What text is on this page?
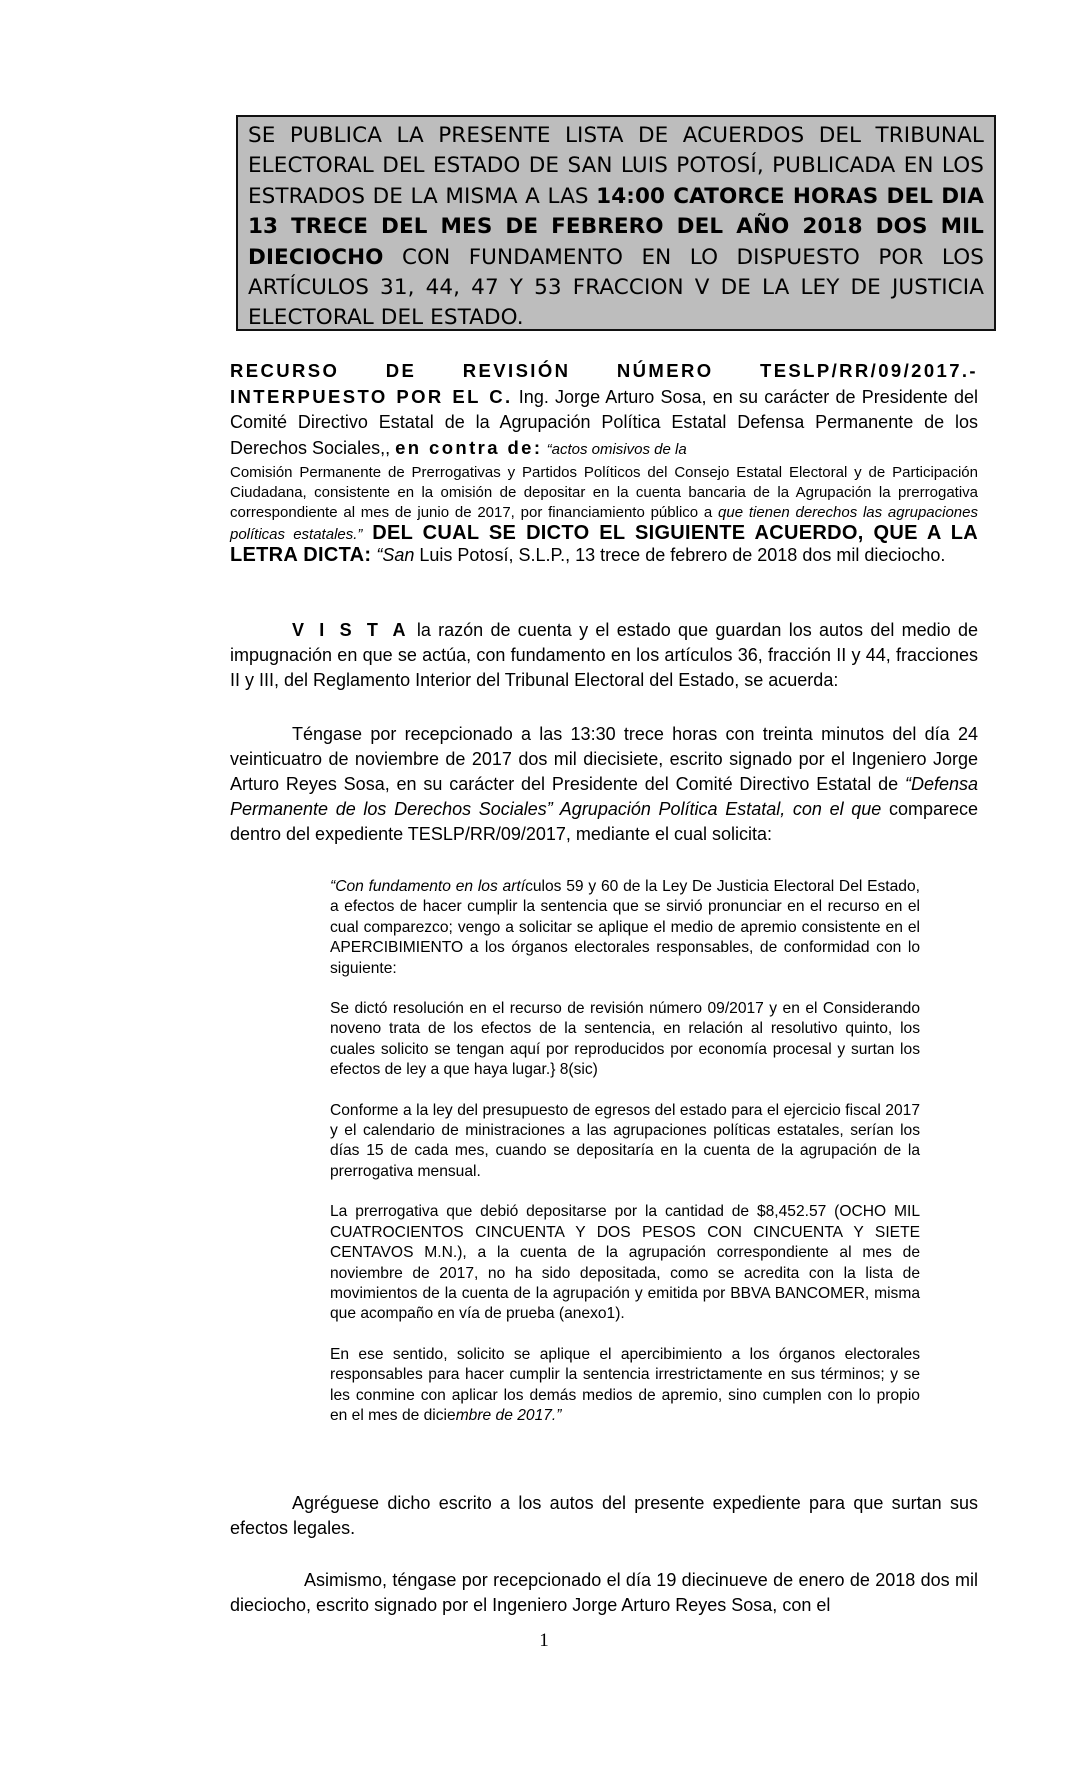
SE PUBLICA LA PRESENTE LISTA DE ACUERDOS DEL TRIBUNAL ELECTORAL DEL ESTADO DE SAN LUIS POTOSÍ, PUBLICADA EN LOS ESTRADOS DE LA MISMA A LAS 14:00 CATORCE HORAS DEL DIA 13 TRECE DEL MES DE FEBRERO DEL AÑO 2018 DOS MIL DIECIOCHO CON FUNDAMENTO EN LO DISPUESTO POR LOS ARTÍCULOS 31, 44, 47 Y 53 FRACCION V DE LA LEY DE JUSTICIA ELECTORAL DEL ESTADO.

RECURSO DE REVISIÓN NÚMERO TESLP/RR/09/2017.- INTERPUESTO POR EL C. Ing. Jorge Arturo Sosa, en su carácter de Presidente del Comité Directivo Estatal de la Agrupación Política Estatal Defensa Permanente de los Derechos Sociales,, en contra de: “actos omisivos de la

Comisión Permanente de Prerrogativas y Partidos Políticos del Consejo Estatal Electoral y de Participación Ciudadana, consistente en la omisión de depositar en la cuenta bancaria de la Agrupación la prerrogativa correspondiente al mes de junio de 2017, por financiamiento público a que tienen derechos las agrupaciones políticas estatales.” DEL CUAL SE DICTO EL SIGUIENTE ACUERDO, QUE A LA LETRA DICTA: “San Luis Potosí, S.L.P., 13 trece de febrero de 2018 dos mil dieciocho.

V I S T A la razón de cuenta y el estado que guardan los autos del medio de impugnación en que se actúa, con fundamento en los artículos 36, fracción II y 44, fracciones II y III, del Reglamento Interior del Tribunal Electoral del Estado, se acuerda:
Téngase por recepcionado a las 13:30 trece horas con treinta minutos del día 24 veinticuatro de noviembre de 2017 dos mil diecisiete, escrito signado por el Ingeniero Jorge Arturo Reyes Sosa, en su carácter del Presidente del Comité Directivo Estatal de “Defensa Permanente de los Derechos Sociales” Agrupación Política Estatal, con el que comparece dentro del expediente TESLP/RR/09/2017, mediante el cual solicita:

“Con fundamento en los artículos 59 y 60 de la Ley De Justicia Electoral Del Estado, a efectos de hacer cumplir la sentencia que se sirvió pronunciar en el recurso en el cual comparezco; vengo a solicitar se aplique el medio de apremio consistente en el APERCIBIMIENTO a los órganos electorales responsables, de conformidad con lo siguiente:

Se dictó resolución en el recurso de revisión número 09/2017 y en el Considerando noveno trata de los efectos de la sentencia, en relación al resolutivo quinto, los cuales solicito se tengan aquí por reproducidos por economía procesal y surtan los efectos de ley a que haya lugar.} 8(sic)

Conforme a la ley del presupuesto de egresos del estado para el ejercicio fiscal 2017 y el calendario de ministraciones a las agrupaciones políticas estatales, serían los días 15 de cada mes, cuando se depositaría en la cuenta de la agrupación de la prerrogativa mensual.

La prerrogativa que debió depositarse por la cantidad de $8,452.57 (OCHO MIL CUATROCIENTOS CINCUENTA Y DOS PESOS CON CINCUENTA Y SIETE CENTAVOS M.N.), a la cuenta de la agrupación correspondiente al mes de noviembre de 2017, no ha sido depositada, como se acredita con la lista de movimientos de la cuenta de la agrupación y emitida por BBVA BANCOMER, misma que acompaño en vía de prueba (anexo1).

En ese sentido, solicito se aplique el apercibimiento a los órganos electorales responsables para hacer cumplir la sentencia irrestrictamente en sus términos; y se les conmine con aplicar los demás medios de apremio, sino cumplen con lo propio en el mes de diciembre de 2017.”

Agréguese dicho escrito a los autos del presente expediente para que surtan sus efectos legales.
Asimismo, téngase por recepcionado el día 19 diecinueve de enero de 2018 dos mil dieciocho, escrito signado por el Ingeniero Jorge Arturo Reyes Sosa, con el
1
